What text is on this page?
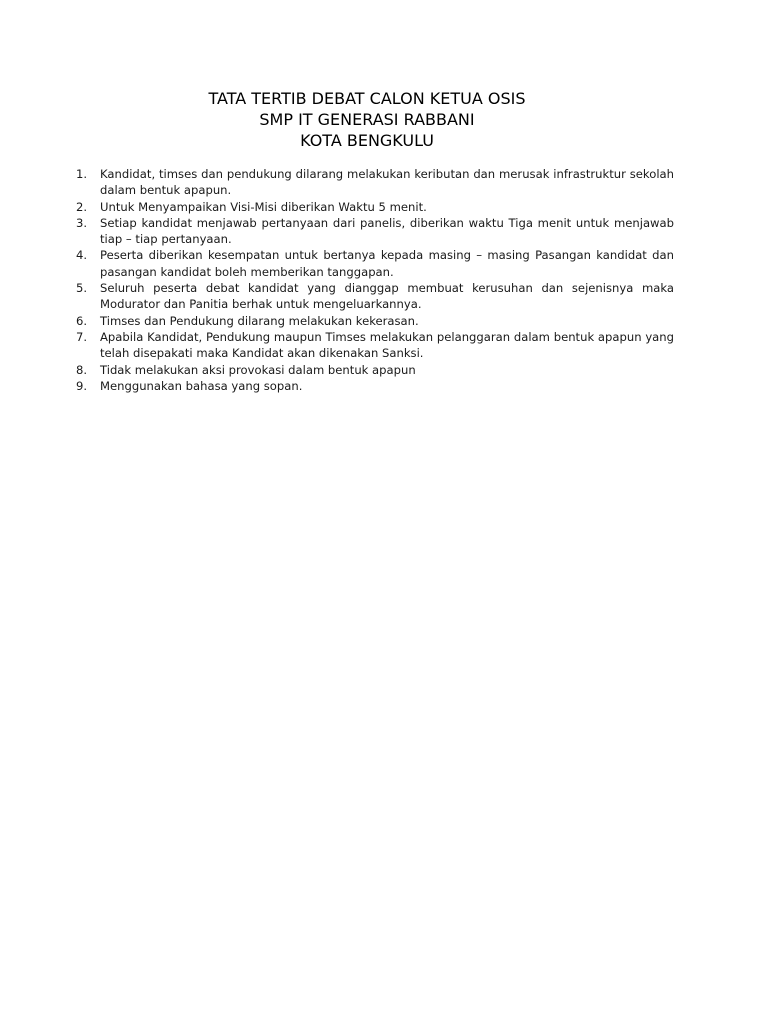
TATA TERTIB DEBAT CALON KETUA OSIS
SMP IT GENERASI RABBANI
KOTA BENGKULU
1.	Kandidat, timses dan pendukung dilarang melakukan keributan dan merusak infrastruktur sekolah dalam bentuk apapun.
2.	Untuk Menyampaikan Visi-Misi diberikan Waktu 5 menit.
3.	Setiap kandidat menjawab pertanyaan dari panelis, diberikan waktu Tiga menit untuk menjawab tiap – tiap pertanyaan.
4.	Peserta diberikan kesempatan untuk bertanya kepada masing – masing Pasangan kandidat dan pasangan kandidat boleh memberikan tanggapan.
5.	Seluruh peserta debat kandidat yang dianggap membuat kerusuhan dan sejenisnya maka Modurator dan Panitia berhak untuk mengeluarkannya.
6.	Timses dan Pendukung dilarang melakukan kekerasan.
7.	Apabila Kandidat, Pendukung maupun Timses melakukan pelanggaran dalam bentuk apapun yang telah disepakati maka Kandidat akan dikenakan Sanksi.
8.	Tidak melakukan aksi provokasi dalam bentuk apapun
9.	Menggunakan bahasa yang sopan.
